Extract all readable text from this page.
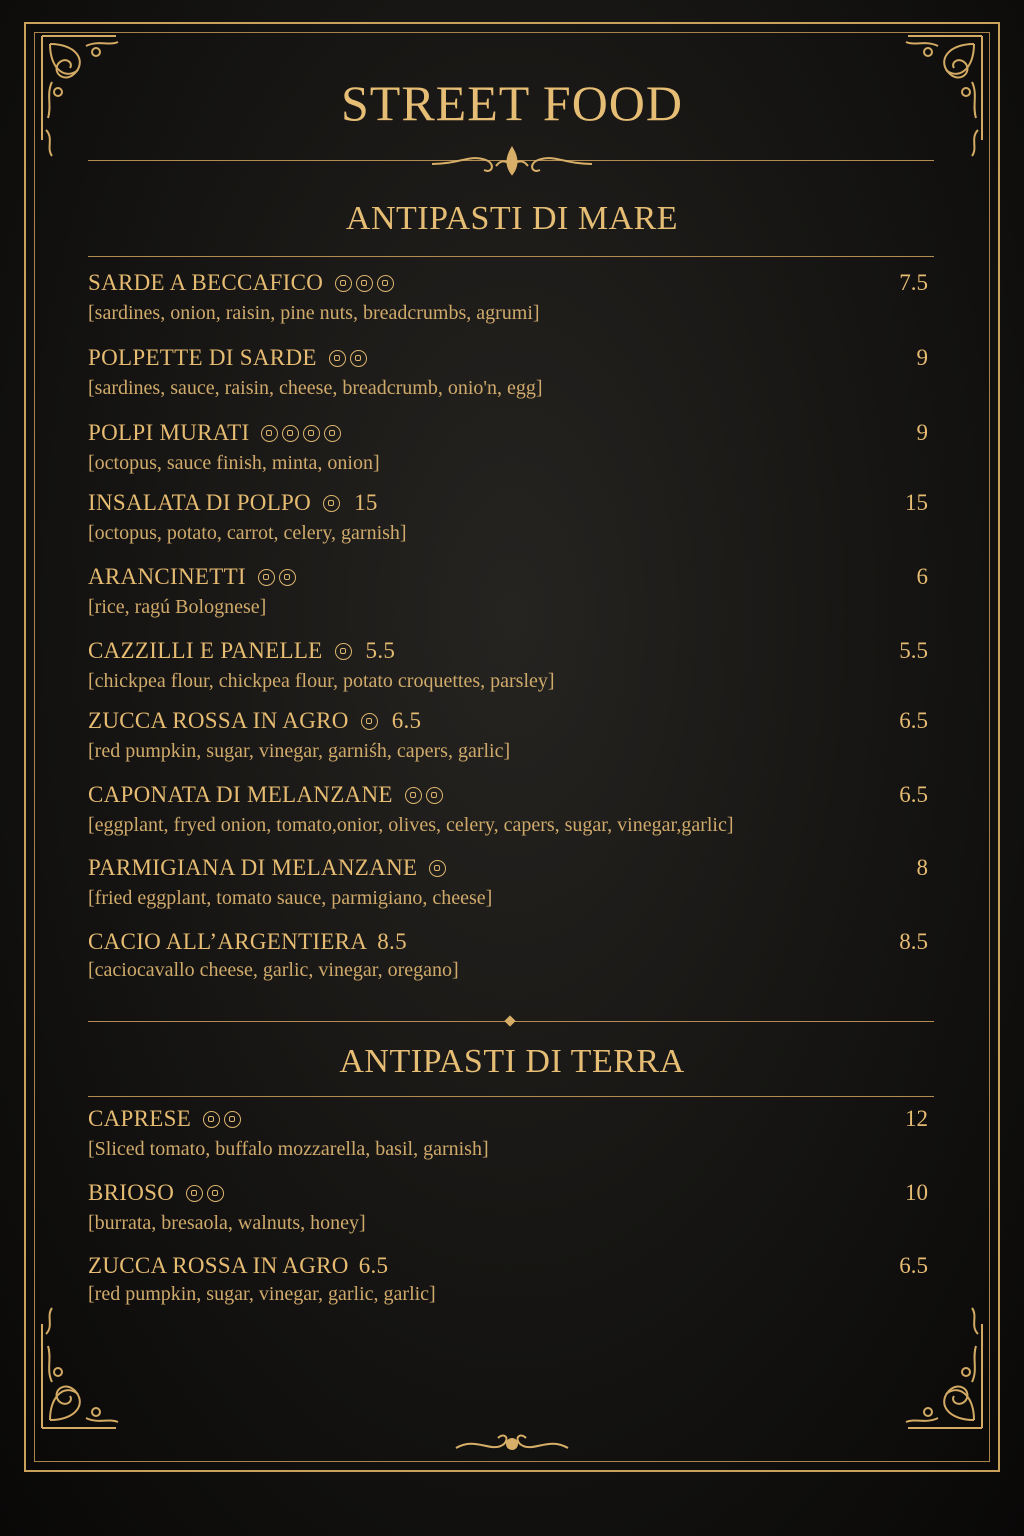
STREET FOOD
ANTIPASTI DI MARE
SARDE A BECCAFICO	7.5
[sardines, onion, raisin, pine nuts, breadcrumbs, agrumi]
POLPETTE DI SARDE	9
[sardines, sauce, raisin, cheese, breadcrumb, onio'n, egg]
POLPI MURATI	9
[octopus, sauce finish, minta, onion]
INSALATA DI POLPO 15	15
[octopus, potato, carrot, celery, garnish]
ARANCINETTI	6
[rice, ragú Bolognese]
CAZZILLI E PANELLE 5.5	5.5
[chickpea flour, chickpea flour, potato croquettes, parsley]
ZUCCA ROSSA IN AGRO 6.5	6.5
[red pumpkin, sugar, vinegar, garniśh, capers, garlic]
CAPONATA DI MELANZANE	6.5
[eggplant, fryed onion, tomato,onior, olives, celery, capers, sugar, vinegar,garlic]
PARMIGIANA DI MELANZANE	8
[fried eggplant, tomato sauce, parmigiano, cheese]
CACIO ALL’ARGENTIERA 8.5	8.5
[caciocavallo cheese, garlic, vinegar, oregano]
ANTIPASTI DI TERRA
CAPRESE	12
[Sliced tomato, buffalo mozzarella, basil, garnish]
BRIOSO	10
[burrata, bresaola, walnuts, honey]
ZUCCA ROSSA IN AGRO 6.5	6.5
[red pumpkin, sugar, vinegar, garlic, garlic]
